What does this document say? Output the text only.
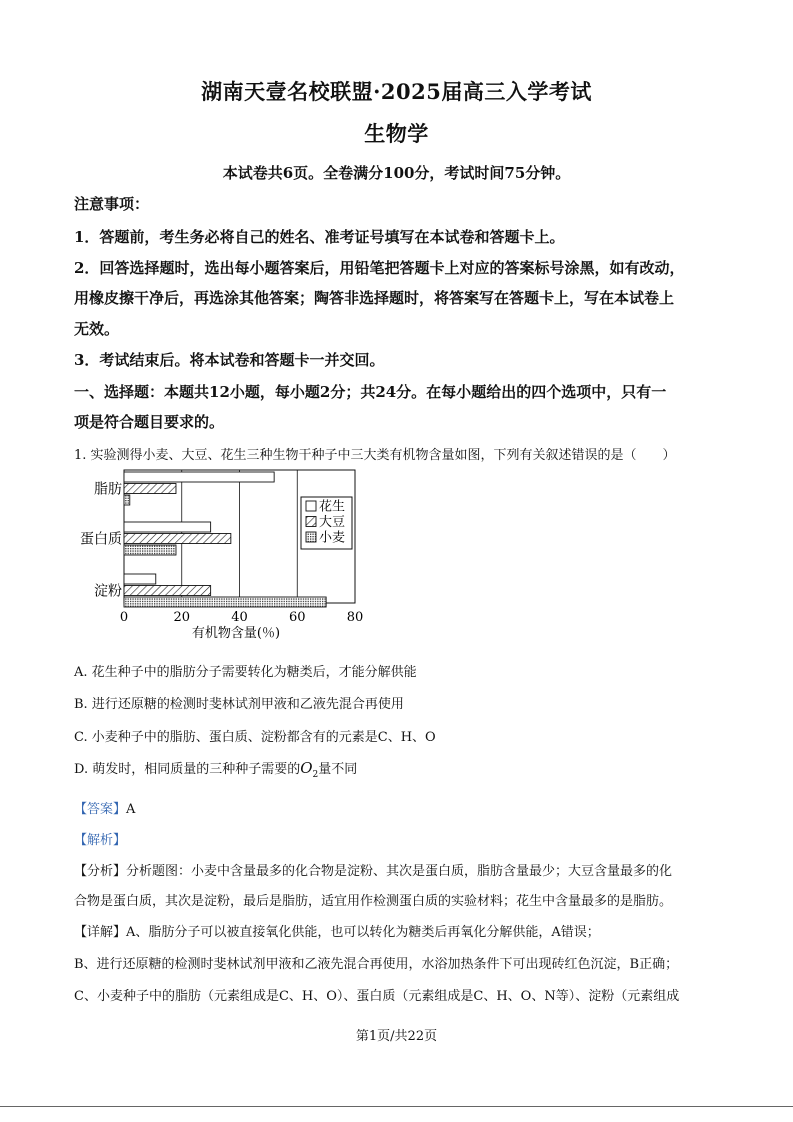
湖南天壹名校联盟·2025届高三入学考试
生物学
本试卷共6页。全卷满分100分，考试时间75分钟。
注意事项：
1．答题前，考生务必将自己的姓名、准考证号填写在本试卷和答题卡上。
2．回答选择题时，选出每小题答案后，用铅笔把答题卡上对应的答案标号涂黑，如有改动，
用橡皮擦干净后，再选涂其他答案；陶答非选择题时，将答案写在答题卡上，写在本试卷上
无效。
3．考试结束后。将本试卷和答题卡一并交回。
一、选择题：本题共12小题，每小题2分；共24分。在每小题给出的四个选项中，只有一
项是符合题目要求的。
1. 实验测得小麦、大豆、花生三种生物干种子中三大类有机物含量如图，下列有关叙述错误的是（　　）
0	20	40	60	80
脂肪
蛋白质
淀粉
有机物含量(％)
花生
大豆
小麦
A. 花生种子中的脂肪分子需要转化为糖类后，才能分解供能
B. 进行还原糖的检测时斐林试剂甲液和乙液先混合再使用
C. 小麦种子中的脂肪、蛋白质、淀粉都含有的元素是C、H、O
D. 萌发时，相同质量的三种种子需要的$O_2$量不同
【答案】A
【解析】
【分析】分析题图：小麦中含量最多的化合物是淀粉、其次是蛋白质，脂肪含量最少；大豆含量最多的化
合物是蛋白质，其次是淀粉，最后是脂肪，适宜用作检测蛋白质的实验材料；花生中含量最多的是脂肪。
【详解】A、脂肪分子可以被直接氧化供能，也可以转化为糖类后再氧化分解供能，A错误；
B、进行还原糖的检测时斐林试剂甲液和乙液先混合再使用，水浴加热条件下可出现砖红色沉淀，B正确；
C、小麦种子中的脂肪（元素组成是C、H、O）、蛋白质（元素组成是C、H、O、N等）、淀粉（元素组成
第1页/共22页
